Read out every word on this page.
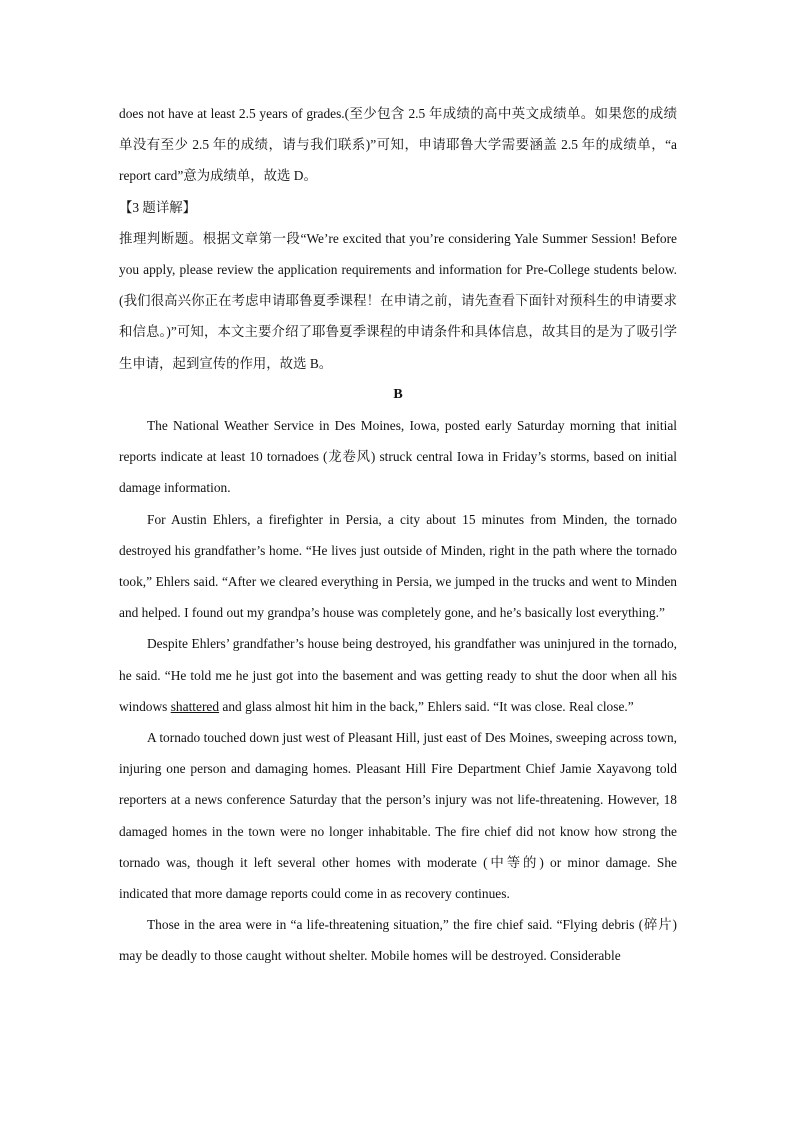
does not have at least 2.5 years of grades.(至少包含 2.5 年成绩的高中英文成绩单。如果您的成绩单没有至少 2.5 年的成绩，请与我们联系)”可知，申请耶鲁大学需要涵盖 2.5 年的成绩单，“a report card”意为成绩单，故选 D。

【3 题详解】

推理判断题。根据文章第一段“We’re excited that you’re considering Yale Summer Session! Before you apply, please review the application requirements and information for Pre-College students below.(我们很高兴你正在考虑申请耶鲁夏季课程！在申请之前，请先查看下面针对预科生的申请要求和信息。)”可知，本文主要介绍了耶鲁夏季课程的申请条件和具体信息，故其目的是为了吸引学生申请，起到宣传的作用，故选 B。

B

The National Weather Service in Des Moines, Iowa, posted early Saturday morning that initial reports indicate at least 10 tornadoes (龙卷风) struck central Iowa in Friday’s storms, based on initial damage information.

For Austin Ehlers, a firefighter in Persia, a city about 15 minutes from Minden, the tornado destroyed his grandfather’s home. “He lives just outside of Minden, right in the path where the tornado took,” Ehlers said. “After we cleared everything in Persia, we jumped in the trucks and went to Minden and helped. I found out my grandpa’s house was completely gone, and he’s basically lost everything.”

Despite Ehlers’ grandfather’s house being destroyed, his grandfather was uninjured in the tornado, he said. “He told me he just got into the basement and was getting ready to shut the door when all his windows shattered and glass almost hit him in the back,” Ehlers said. “It was close. Real close.”

A tornado touched down just west of Pleasant Hill, just east of Des Moines, sweeping across town, injuring one person and damaging homes. Pleasant Hill Fire Department Chief Jamie Xayavong told reporters at a news conference Saturday that the person’s injury was not life-threatening. However, 18 damaged homes in the town were no longer inhabitable. The fire chief did not know how strong the tornado was, though it left several other homes with moderate (中等的) or minor damage. She indicated that more damage reports could come in as recovery continues.

Those in the area were in “a life-threatening situation,” the fire chief said. “Flying debris (碎片) may be deadly to those caught without shelter. Mobile homes will be destroyed. Considerable
